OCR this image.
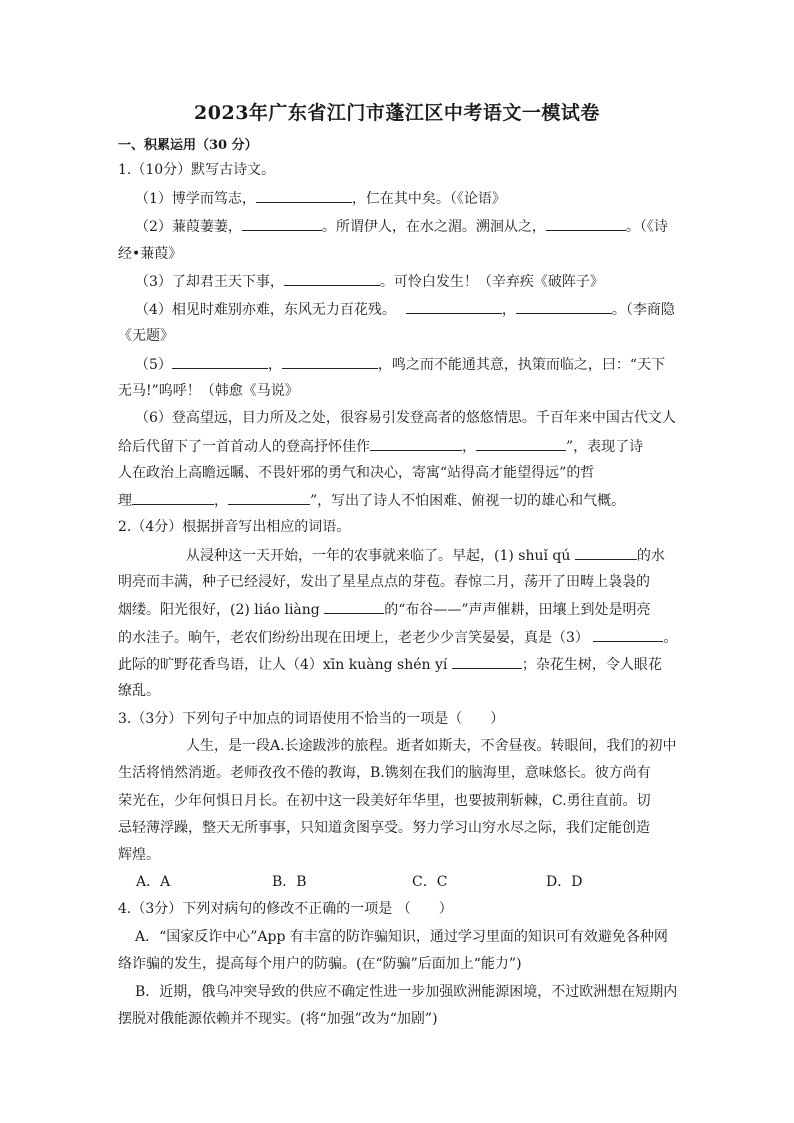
2023年广东省江门市蓬江区中考语文一模试卷
一、积累运用（30 分）
1.（10分）默写古诗文。
（1）博学而笃志，	，仁在其中矣。（《论语》
（2）蒹葭萋萋，	。所谓伊人，在水之湄。溯洄从之，	。（《诗
经•蒹葭》
（3）了却君王天下事，	。可怜白发生！（辛弃疾《破阵子》
（4）相见时难别亦难，东风无力百花残。	，	。（李商隐
《无题》
（5）	，	，鸣之而不能通其意，执策而临之，曰：“天下
无马!”呜呼！（韩愈《马说》
（6）登高望远，目力所及之处，很容易引发登高者的悠悠情思。千百年来中国古代文人
给后代留下了一首首动人的登高抒怀佳作	，	”，表现了诗
人在政治上高瞻远瞩、不畏奸邪的勇气和决心，寄寓“站得高才能望得远”的哲
理	，	”，写出了诗人不怕困难、俯视一切的雄心和气概。
2.（4分）根据拼音写出相应的词语。
从浸种这一天开始，一年的农事就来临了。早起，(1) shuǐ qú	的水
明亮而丰满，种子已经浸好，发出了星星点点的芽苞。春惊二月，荡开了田畴上袅袅的
烟缕。阳光很好，(2) liáo liàng	的“布谷——”声声催耕，田壤上到处是明亮
的水洼子。晌午，老农们纷纷出现在田埂上，老老少少言笑晏晏，真是（3）	。
此际的旷野花香鸟语，让人（4）xīn kuàng shén yí	；杂花生树，令人眼花
缭乱。
3.（3分）下列句子中加点的词语使用不恰当的一项是（　　）
人生，是一段A.长途跋涉的旅程。逝者如斯夫，不舍昼夜。转眼间，我们的初中
生活将悄然消逝。老师孜孜不倦的教诲，B.镌刻在我们的脑海里，意味悠长。彼方尚有
荣光在，少年何惧日月长。在初中这一段美好年华里，也要披荆斩棘，C.勇往直前。切
忌轻薄浮躁，整天无所事事，只知道贪图享受。努力学习山穷水尽之际，我们定能创造
辉煌。
A．A	B．B	C．C	D．D
4.（3分）下列对病句的修改不正确的一项是 （　　）
A．“国家反诈中心”App 有丰富的防诈骗知识，通过学习里面的知识可有效避免各种网
络诈骗的发生，提高每个用户的防骗。(在“防骗”后面加上“能力”)
B．近期，俄乌冲突导致的供应不确定性进一步加强欧洲能源困境，不过欧洲想在短期内
摆脱对俄能源依赖并不现实。(将“加强”改为“加剧”)
